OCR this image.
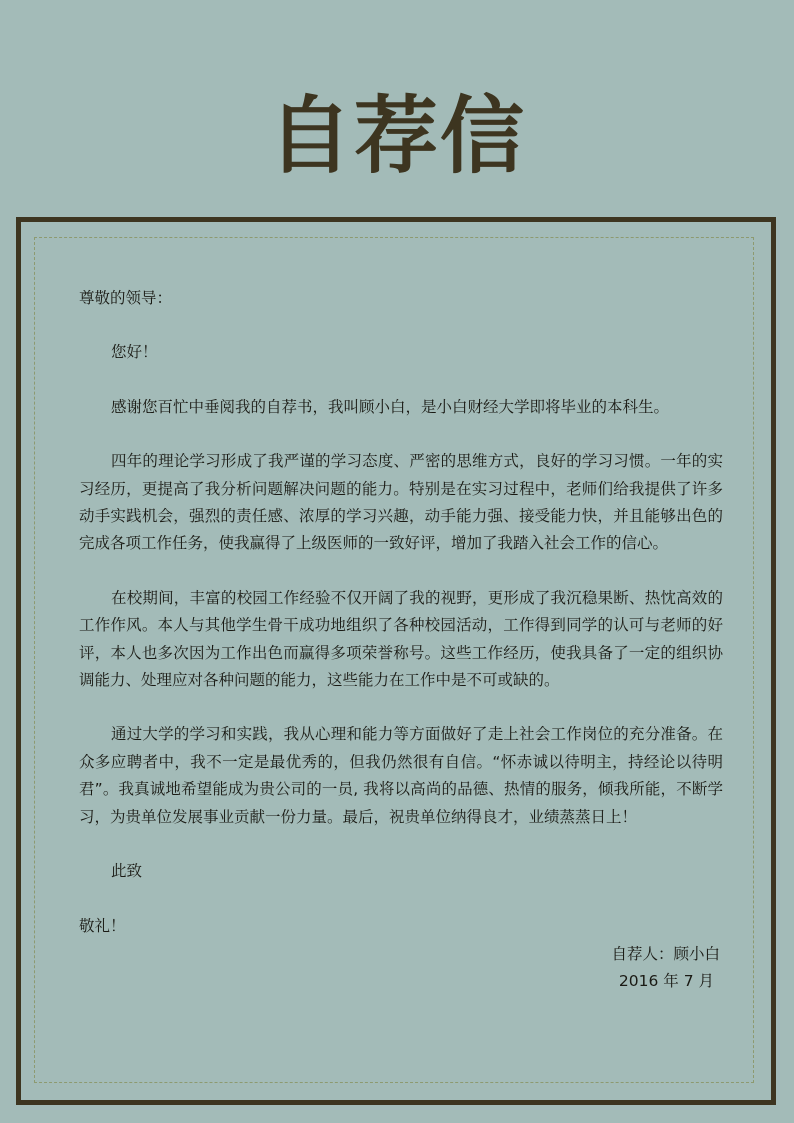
自荐信

尊敬的领导：

您好！

感谢您百忙中垂阅我的自荐书，我叫顾小白，是小白财经大学即将毕业的本科生。

四年的理论学习形成了我严谨的学习态度、严密的思维方式，良好的学习习惯。一年的实习经历，更提高了我分析问题解决问题的能力。特别是在实习过程中，老师们给我提供了许多动手实践机会，强烈的责任感、浓厚的学习兴趣，动手能力强、接受能力快，并且能够出色的完成各项工作任务，使我赢得了上级医师的一致好评，增加了我踏入社会工作的信心。

在校期间，丰富的校园工作经验不仅开阔了我的视野，更形成了我沉稳果断、热忱高效的工作作风。本人与其他学生骨干成功地组织了各种校园活动，工作得到同学的认可与老师的好评，本人也多次因为工作出色而赢得多项荣誉称号。这些工作经历，使我具备了一定的组织协调能力、处理应对各种问题的能力，这些能力在工作中是不可或缺的。

通过大学的学习和实践，我从心理和能力等方面做好了走上社会工作岗位的充分准备。在众多应聘者中，我不一定是最优秀的，但我仍然很有自信。“怀赤诚以待明主，持经论以待明君”。我真诚地希望能成为贵公司的一员, 我将以高尚的品德、热情的服务，倾我所能，不断学习，为贵单位发展事业贡献一份力量。最后，祝贵单位纳得良才，业绩蒸蒸日上！

此致

敬礼！

自荐人：顾小白
2016 年 7 月
